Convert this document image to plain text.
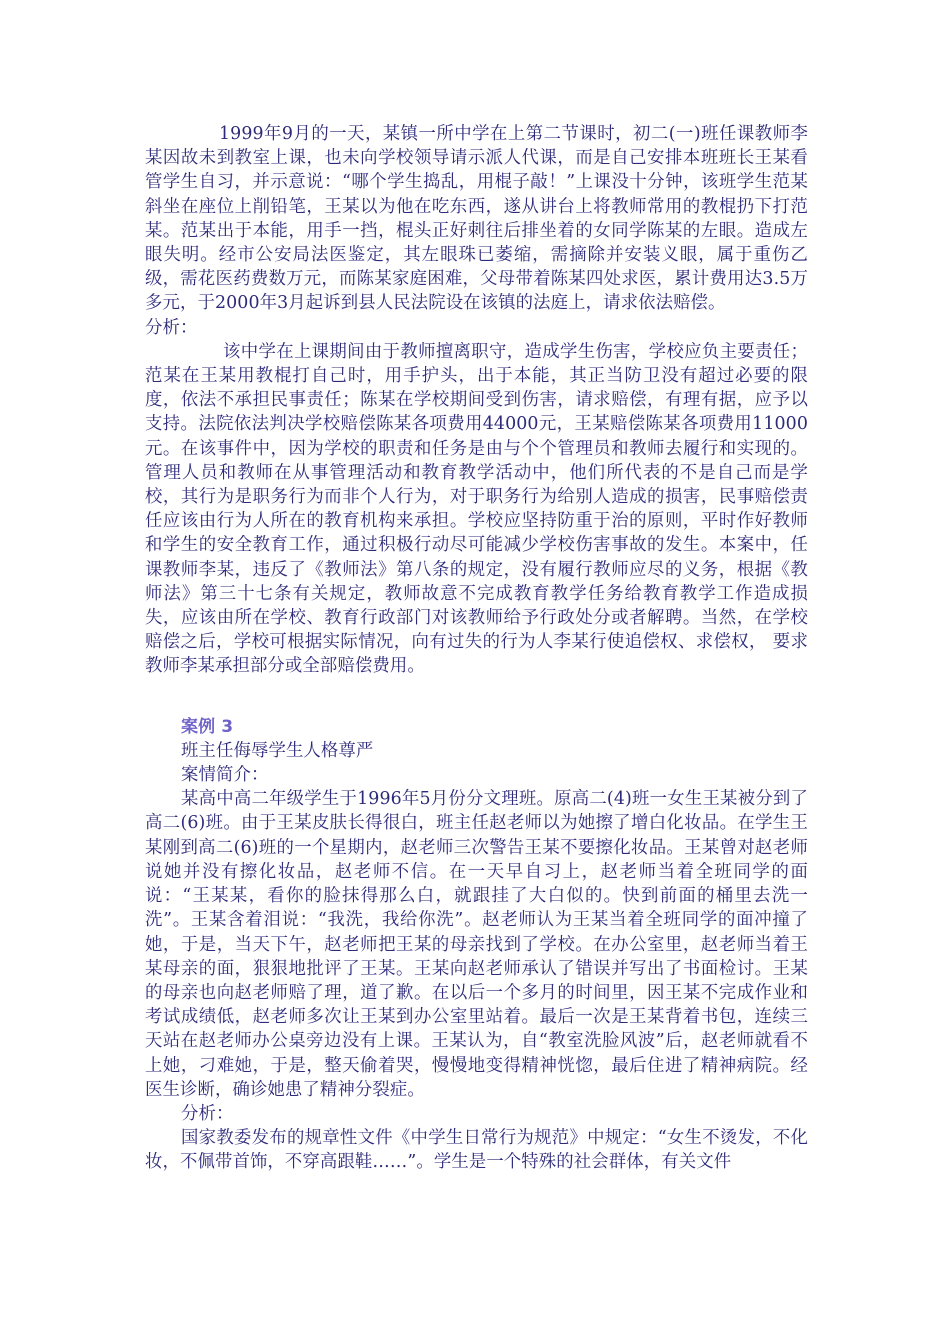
1999年9月的一天，某镇一所中学在上第二节课时，初二(一)班任课教师李某因故未到教室上课，也未向学校领导请示派人代课，而是自己安排本班班长王某看管学生自习，并示意说：“哪个学生捣乱，用棍子敲！”上课没十分钟，该班学生范某斜坐在座位上削铅笔，王某以为他在吃东西，遂从讲台上将教师常用的教棍扔下打范某。范某出于本能，用手一挡，棍头正好刺往后排坐着的女同学陈某的左眼。造成左眼失明。经市公安局法医鉴定，其左眼珠已萎缩，需摘除并安装义眼，属于重伤乙级，需花医药费数万元，而陈某家庭困难，父母带着陈某四处求医，累计费用达3.5万多元，于2000年3月起诉到县人民法院设在该镇的法庭上，请求依法赔偿。

分析：

该中学在上课期间由于教师擅离职守，造成学生伤害，学校应负主要责任；范某在王某用教棍打自己时，用手护头，出于本能，其正当防卫没有超过必要的限度，依法不承担民事责任；陈某在学校期间受到伤害，请求赔偿，有理有据，应予以支持。法院依法判决学校赔偿陈某各项费用44000元，王某赔偿陈某各项费用11000元。在该事件中，因为学校的职责和任务是由与个个管理员和教师去履行和实现的。管理人员和教师在从事管理活动和教育教学活动中，他们所代表的不是自己而是学校，其行为是职务行为而非个人行为，对于职务行为给别人造成的损害，民事赔偿责任应该由行为人所在的教育机构来承担。学校应坚持防重于治的原则，平时作好教师和学生的安全教育工作，通过积极行动尽可能减少学校伤害事故的发生。本案中，任课教师李某，违反了《教师法》第八条的规定，没有履行教师应尽的义务，根据《教师法》第三十七条有关规定，教师故意不完成教育教学任务给教育教学工作造成损失，应该由所在学校、教育行政部门对该教师给予行政处分或者解聘。当然，在学校赔偿之后，学校可根据实际情况，向有过失的行为人李某行使追偿权、求偿权， 要求教师李某承担部分或全部赔偿费用。

案例 3

班主任侮辱学生人格尊严

案情简介：

某高中高二年级学生于1996年5月份分文理班。原高二(4)班一女生王某被分到了高二(6)班。由于王某皮肤长得很白，班主任赵老师以为她擦了增白化妆品。在学生王某刚到高二(6)班的一个星期内，赵老师三次警告王某不要擦化妆品。王某曾对赵老师说她并没有擦化妆品，赵老师不信。在一天早自习上，赵老师当着全班同学的面说：“王某某，看你的脸抹得那么白，就跟挂了大白似的。快到前面的桶里去洗一洗”。王某含着泪说：“我洗，我给你洗”。赵老师认为王某当着全班同学的面冲撞了她，于是，当天下午，赵老师把王某的母亲找到了学校。在办公室里，赵老师当着王某母亲的面，狠狠地批评了王某。王某向赵老师承认了错误并写出了书面检讨。王某的母亲也向赵老师赔了理，道了歉。在以后一个多月的时间里，因王某不完成作业和考试成绩低，赵老师多次让王某到办公室里站着。最后一次是王某背着书包，连续三天站在赵老师办公桌旁边没有上课。王某认为，自“教室洗脸风波”后，赵老师就看不上她，刁难她，于是，整天偷着哭，慢慢地变得精神恍惚，最后住进了精神病院。经医生诊断，确诊她患了精神分裂症。

分析：

国家教委发布的规章性文件《中学生日常行为规范》中规定：“女生不烫发，不化妆，不佩带首饰，不穿高跟鞋……”。学生是一个特殊的社会群体，有关文件
